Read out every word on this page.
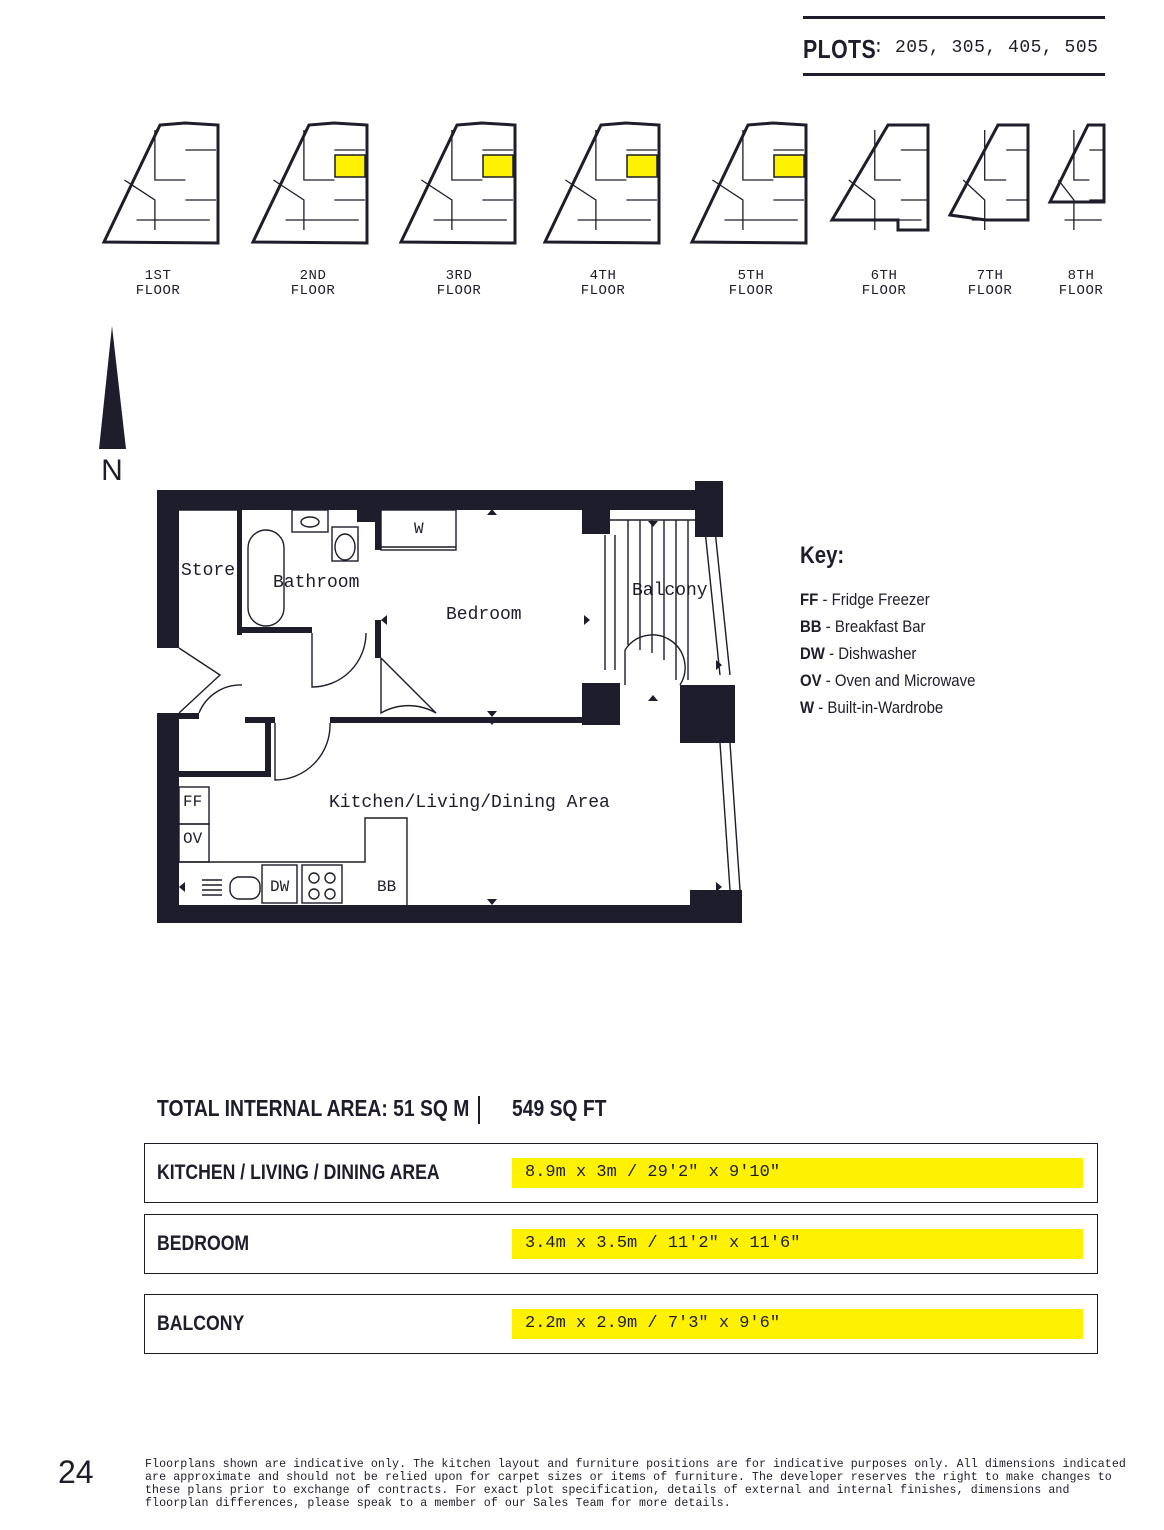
PLOTS
: 205, 305, 405, 505
1ST
FLOOR
2ND
FLOOR
3RD
FLOOR
4TH
FLOOR
5TH
FLOOR
6TH
FLOOR
7TH
FLOOR
8TH
FLOOR
N
Store
Bathroom
Bedroom
Balcony
Kitchen/Living/Dining Area
W
FF
OV
DW	BB
Key:
FF - Fridge Freezer
BB - Breakfast Bar
DW - Dishwasher
OV - Oven and Microwave
W - Built-in-Wardrobe
TOTAL INTERNAL AREA: 51 SQ M 549 SQ FT
KITCHEN / LIVING / DINING AREA	8.9m x 3m / 29'2" x 9'10"
BEDROOM	3.4m x 3.5m / 11'2" x 11'6"
BALCONY	2.2m x 2.9m / 7'3" x 9'6"
24	Floorplans shown are indicative only. The kitchen layout and furniture positions are for indicative purposes only. All dimensions indicated are approximate and should not be relied upon for carpet sizes or items of furniture. The developer reserves the right to make changes to these plans prior to exchange of contracts. For exact plot specification, details of external and internal finishes, dimensions and floorplan differences, please speak to a member of our Sales Team for more details.
